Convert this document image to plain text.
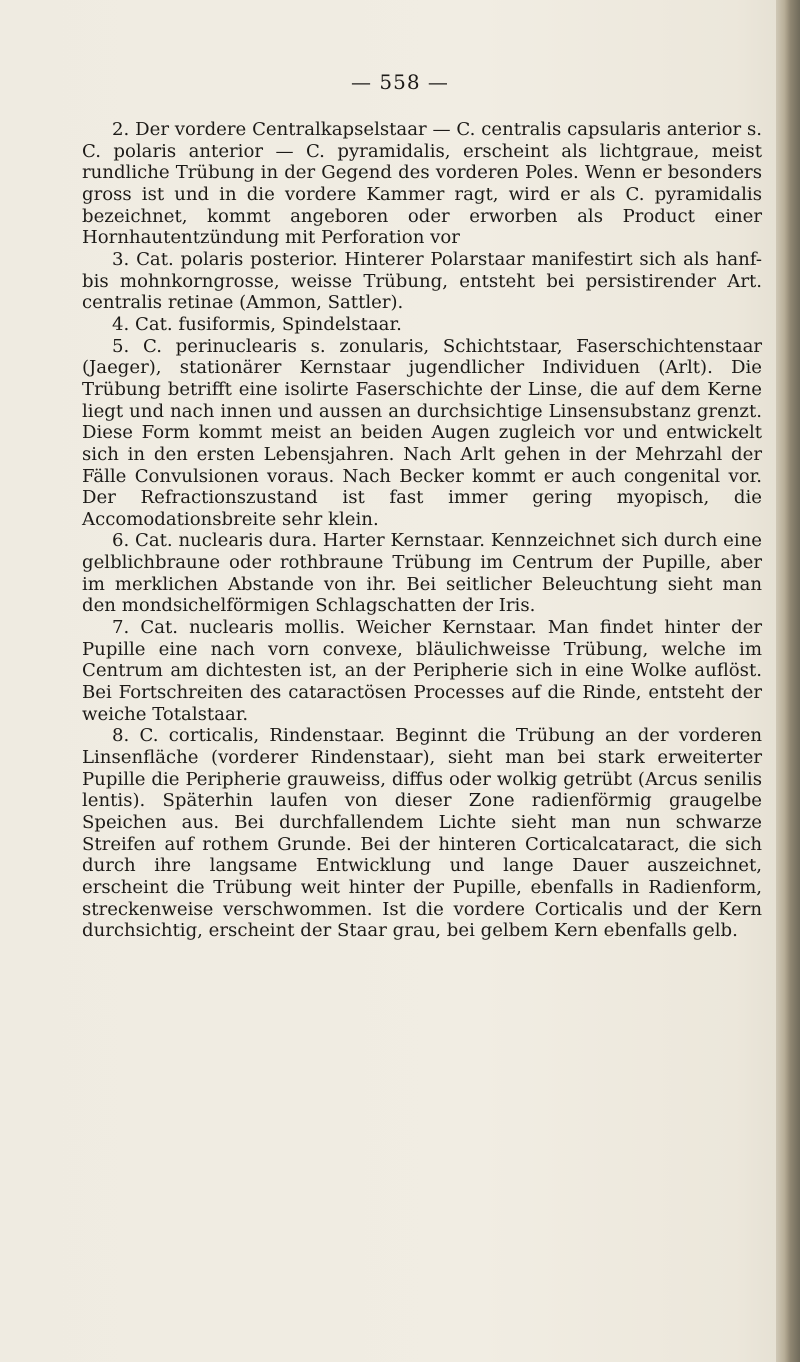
— 558 —

2. Der vordere Centralkapselstaar — C. centralis capsularis anterior s. C. polaris anterior — C. pyramidalis, erscheint als lichtgraue, meist rundliche Trübung in der Gegend des vorderen Poles. Wenn er besonders gross ist und in die vordere Kammer ragt, wird er als C. pyramidalis bezeichnet, kommt angeboren oder erworben als Product einer Hornhautentzündung mit Perforation vor

3. Cat. polaris posterior. Hinterer Polarstaar manifestirt sich als hanf- bis mohnkorngrosse, weisse Trübung, entsteht bei persistirender Art. centralis retinae (Ammon, Sattler).

4. Cat. fusiformis, Spindelstaar.

5. C. perinuclearis s. zonularis, Schichtstaar, Faserschichtenstaar (Jaeger), stationärer Kernstaar jugendlicher Individuen (Arlt). Die Trübung betrifft eine isolirte Faserschichte der Linse, die auf dem Kerne liegt und nach innen und aussen an durchsichtige Linsensubstanz grenzt. Diese Form kommt meist an beiden Augen zugleich vor und entwickelt sich in den ersten Lebensjahren. Nach Arlt gehen in der Mehrzahl der Fälle Convulsionen voraus. Nach Becker kommt er auch congenital vor. Der Refractionszustand ist fast immer gering myopisch, die Accomodationsbreite sehr klein.

6. Cat. nuclearis dura. Harter Kernstaar. Kennzeichnet sich durch eine gelblichbraune oder rothbraune Trübung im Centrum der Pupille, aber im merklichen Abstande von ihr. Bei seitlicher Beleuchtung sieht man den mondsichelförmigen Schlagschatten der Iris.

7. Cat. nuclearis mollis. Weicher Kernstaar. Man findet hinter der Pupille eine nach vorn convexe, bläulichweisse Trübung, welche im Centrum am dichtesten ist, an der Peripherie sich in eine Wolke auflöst. Bei Fortschreiten des cataractösen Processes auf die Rinde, entsteht der weiche Totalstaar.

8. C. corticalis, Rindenstaar. Beginnt die Trübung an der vorderen Linsenfläche (vorderer Rindenstaar), sieht man bei stark erweiterter Pupille die Peripherie grauweiss, diffus oder wolkig getrübt (Arcus senilis lentis). Späterhin laufen von dieser Zone radienförmig graugelbe Speichen aus. Bei durchfallendem Lichte sieht man nun schwarze Streifen auf rothem Grunde. Bei der hinteren Corticalcataract, die sich durch ihre langsame Entwicklung und lange Dauer auszeichnet, erscheint die Trübung weit hinter der Pupille, ebenfalls in Radienform, streckenweise verschwommen. Ist die vordere Corticalis und der Kern durchsichtig, erscheint der Staar grau, bei gelbem Kern ebenfalls gelb.
